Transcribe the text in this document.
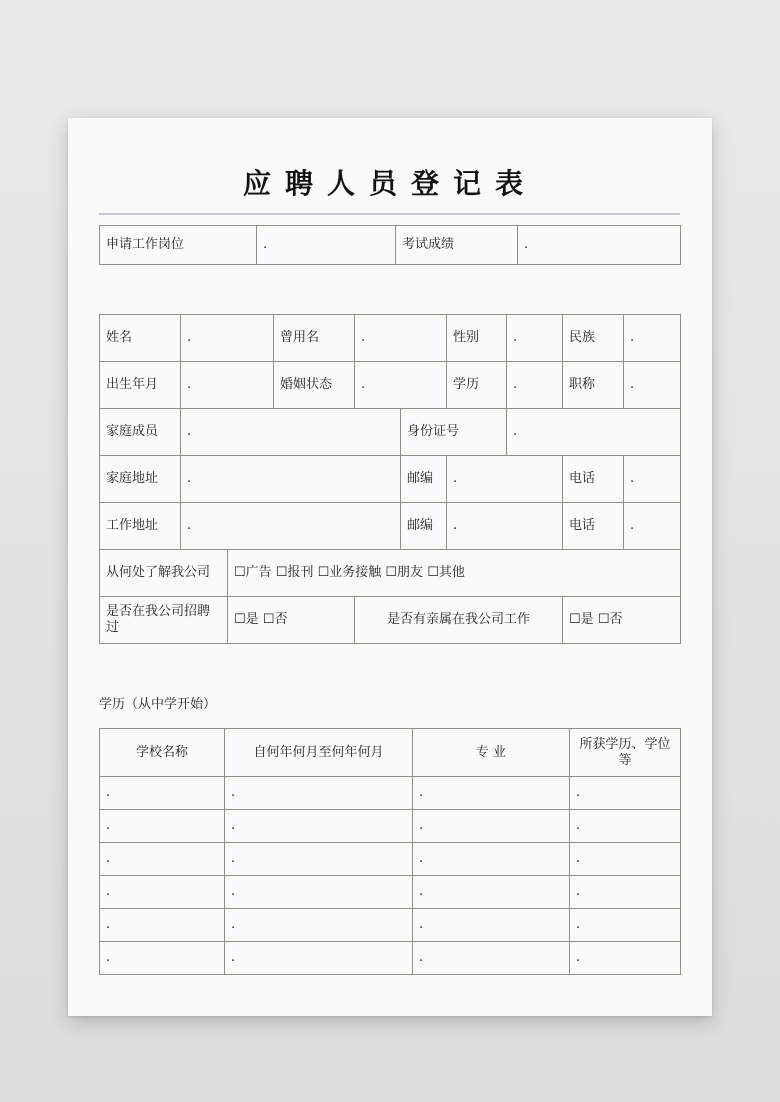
应聘人员登记表
申请工作岗位	.	考试成绩	.
姓名	.		曾用名	.		性别	.	民族	.
出生年月	.		婚姻状态	.		学历	.	职称	.
家庭成员	.				身份证号		.		
家庭地址	.				邮编	.		电话	.
工作地址	.				邮编	.		电话	.
从何处了解我公司		☐广告 ☐报刊 ☐业务接触 ☐朋友 ☐其他							
是否在我公司招聘过		☐是 ☐否		是否有亲属在我公司工作				☐是 ☐否	
学历（从中学开始）
学校名称	自何年何月至何年何月	专 业	所获学历、学位等
.	.	.	.
.	.	.	.
.	.	.	.
.	.	.	.
.	.	.	.
.	.	.	.
